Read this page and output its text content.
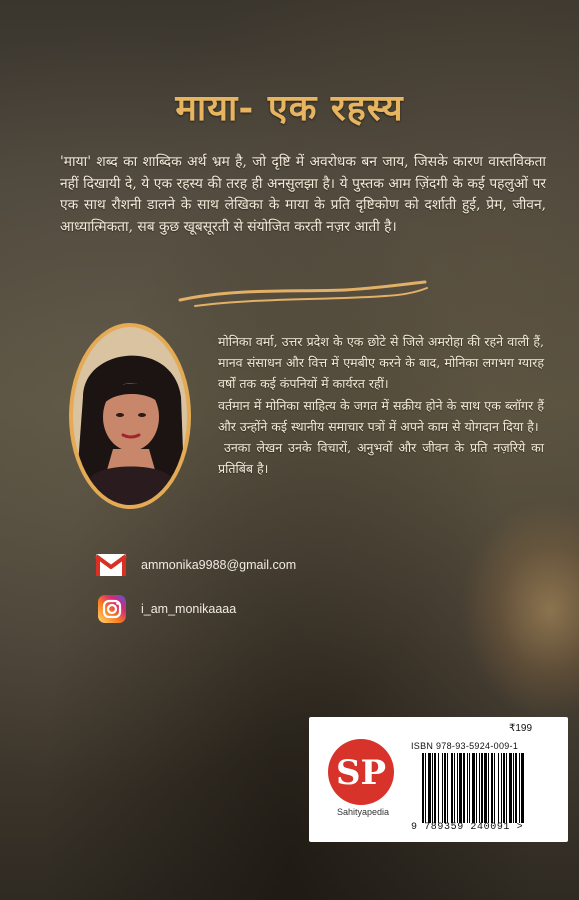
माया- एक रहस्य
'माया' शब्द का शाब्दिक अर्थ भ्रम है, जो दृष्टि में अवरोधक बन जाय, जिसके कारण वास्तविकता नहीं दिखायी दे, ये एक रहस्य की तरह ही अनसुलझा है। ये पुस्तक आम ज़िंदगी के कई पहलुओं पर एक साथ रौशनी डालने के साथ लेखिका के माया के प्रति दृष्टिकोण को दर्शाती हुई, प्रेम, जीवन, आध्यात्मिकता, सब कुछ खूबसूरती से संयोजित करती नज़र आती है।

मोनिका वर्मा, उत्तर प्रदेश के एक छोटे से जिले अमरोहा की रहने वाली हैं, मानव संसाधन और वित्त में एमबीए करने के बाद, मोनिका लगभग ग्यारह वर्षों तक कई कंपनियों में कार्यरत रहीं।

वर्तमान में मोनिका साहित्य के जगत में सक्रीय होने के साथ एक ब्लॉगर हैं और उन्होंने कई स्थानीय समाचार पत्रों में अपने काम से योगदान दिया है।

उनका लेखन उनके विचारों, अनुभवों और जीवन के प्रति नज़रिये का प्रतिबिंब है।

ammonika9988@gmail.com
i_am_monikaaaa
SP
Sahityapedia
₹199
ISBN 978-93-5924-009-1
9 789359 240091 >
